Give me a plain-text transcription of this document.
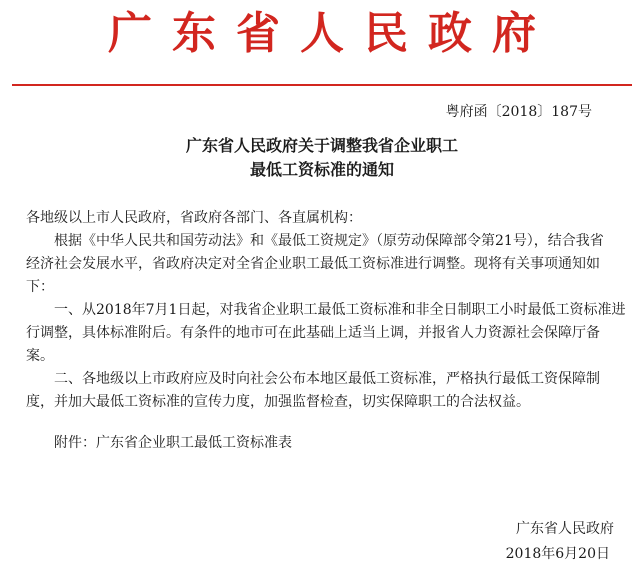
广东省人民政府
粤府函〔2018〕187号
广东省人民政府关于调整我省企业职工
最低工资标准的通知

各地级以上市人民政府，省政府各部门、各直属机构：

根据《中华人民共和国劳动法》和《最低工资规定》（原劳动保障部令第21号），结合我省

经济社会发展水平，省政府决定对全省企业职工最低工资标准进行调整。现将有关事项通知如

下：

一、从2018年7月1日起，对我省企业职工最低工资标准和非全日制职工小时最低工资标准进

行调整，具体标准附后。有条件的地市可在此基础上适当上调，并报省人力资源社会保障厅备

案。

二、各地级以上市政府应及时向社会公布本地区最低工资标准，严格执行最低工资保障制

度，并加大最低工资标准的宣传力度，加强监督检查，切实保障职工的合法权益。

附件：广东省企业职工最低工资标准表

广东省人民政府
2018年6月20日
